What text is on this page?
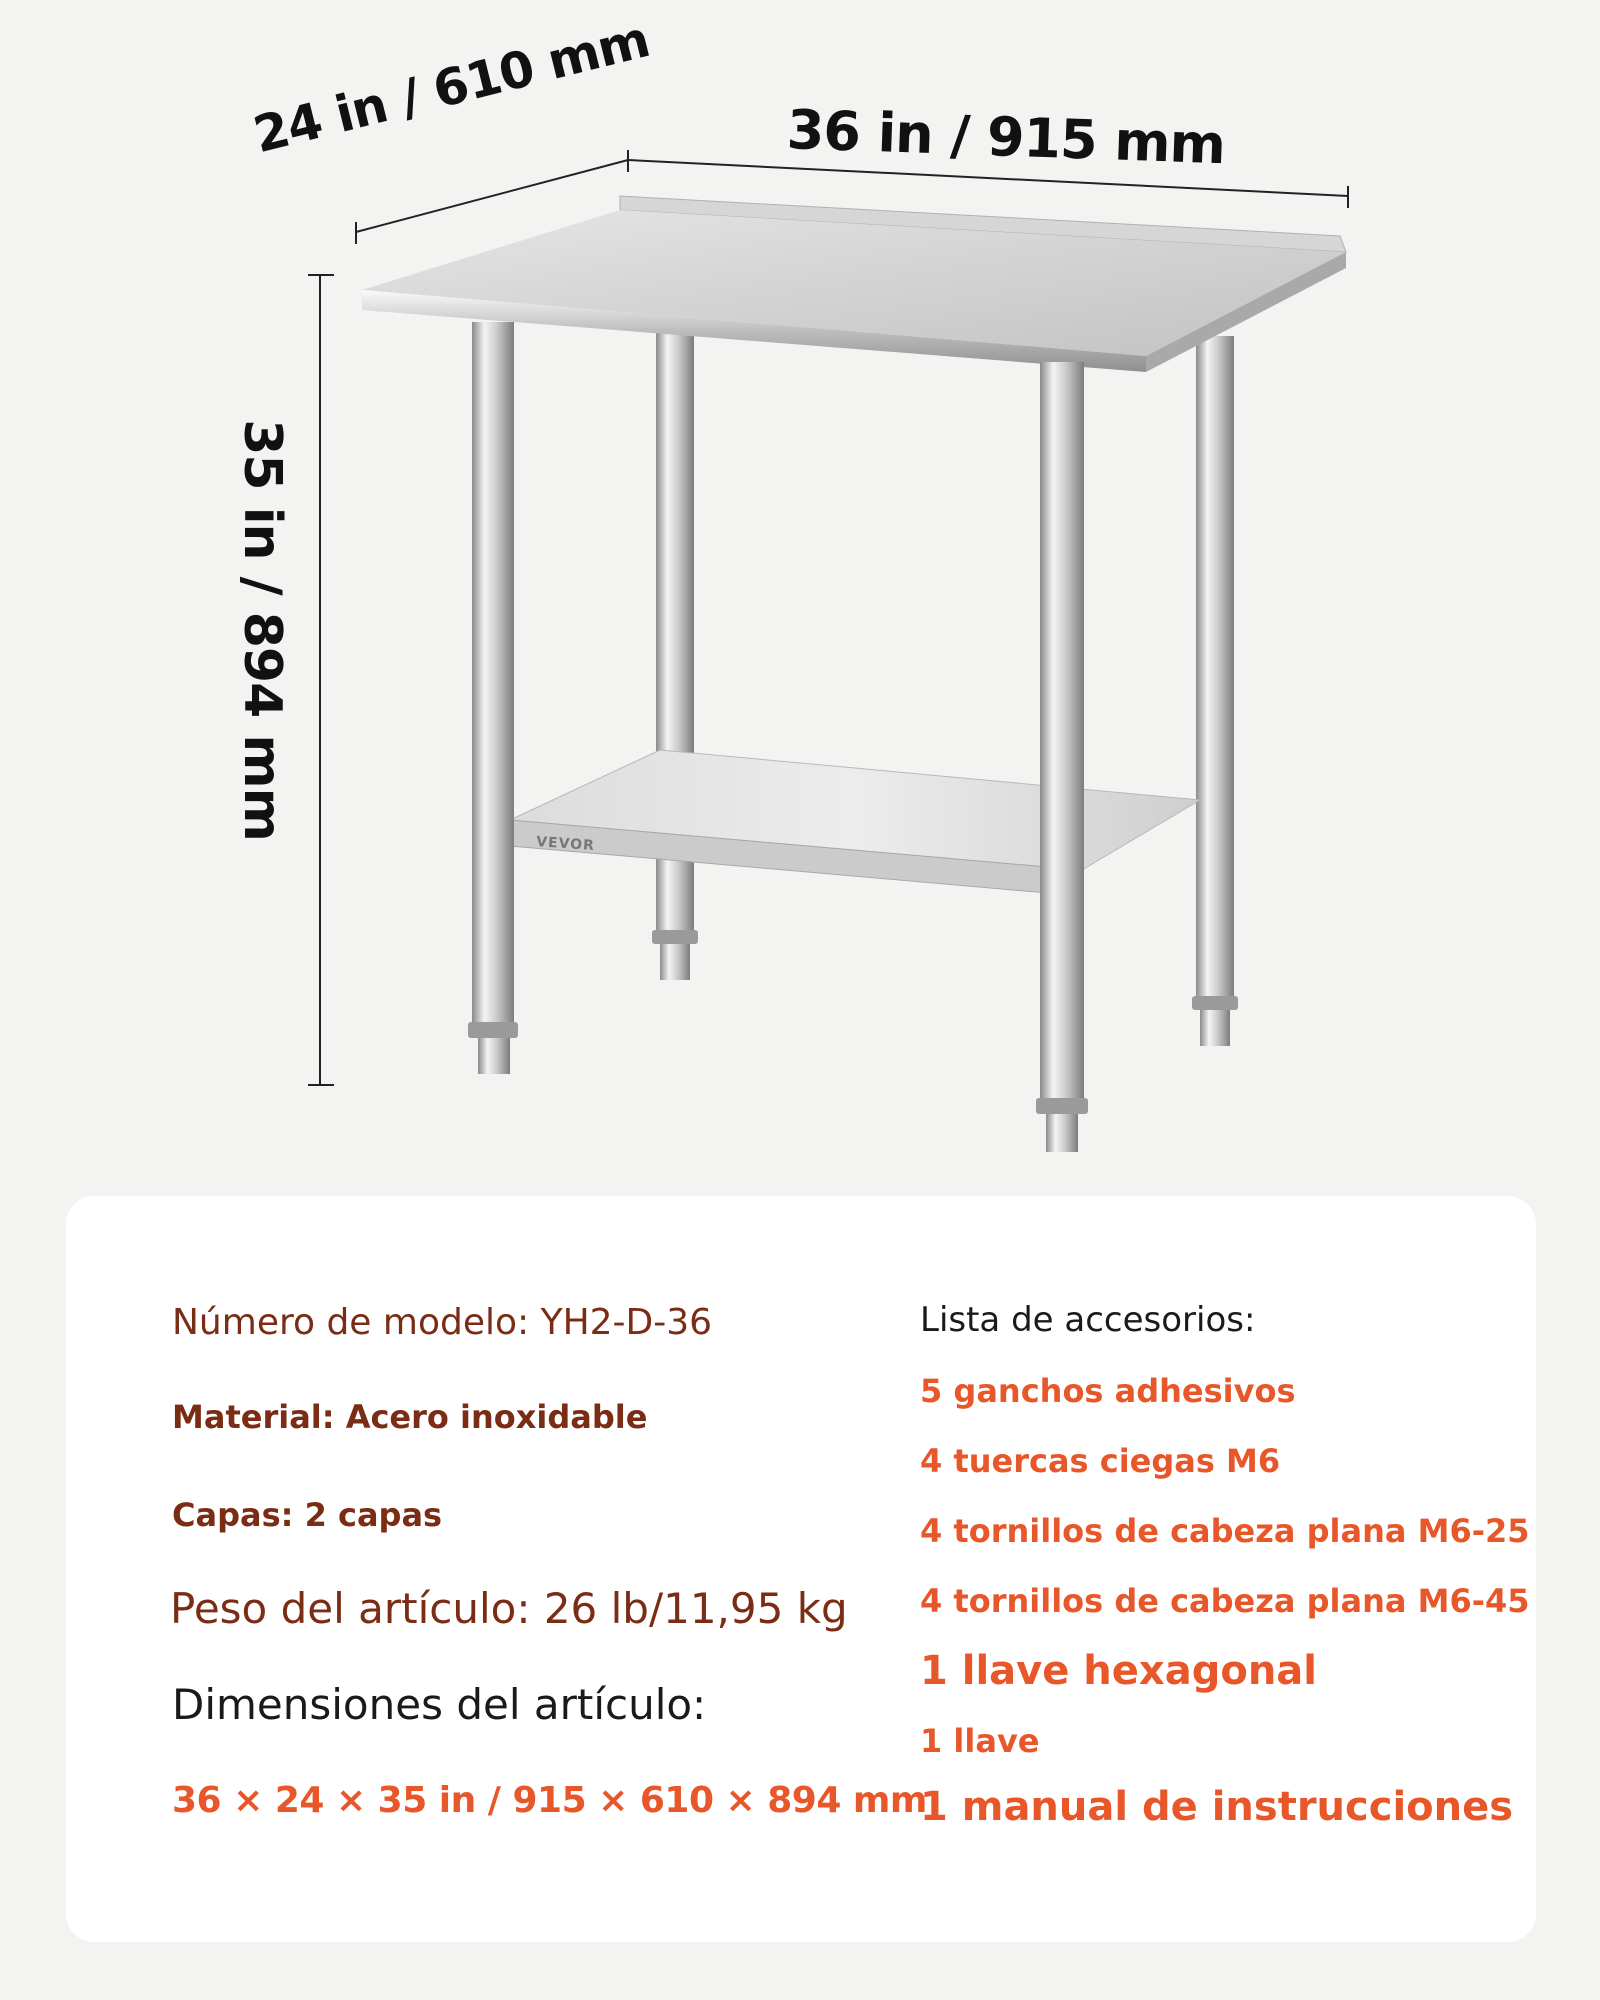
24 in / 610 mm 36 in / 915 mm
35 in / 894 mm
VEVOR
Número de modelo: YH2-D-36
Material: Acero inoxidable
Capas: 2 capas
Peso del artículo: 26 lb/11,95 kg
Dimensiones del artículo:
36 × 24 × 35 in / 915 × 610 × 894 mm
Lista de accesorios:
5 ganchos adhesivos
4 tuercas ciegas M6
4 tornillos de cabeza plana M6-25
4 tornillos de cabeza plana M6-45
1 llave hexagonal
1 llave
1 manual de instrucciones
